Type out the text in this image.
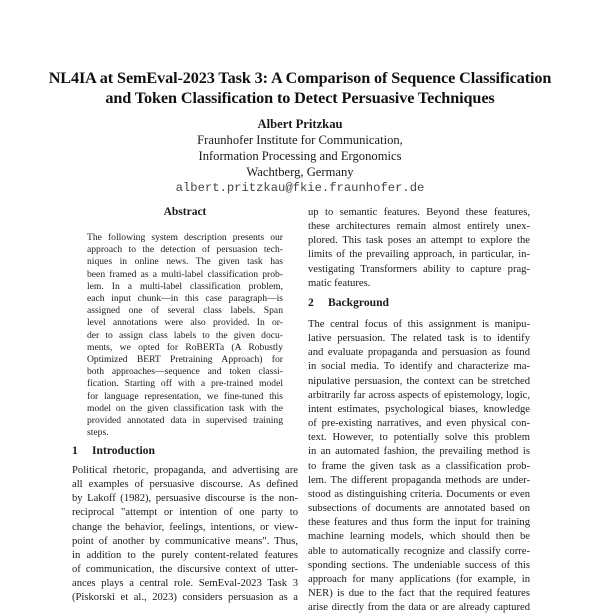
NL4IA at SemEval-2023 Task 3: A Comparison of Sequence Classification
and Token Classification to Detect Persuasive Techniques
Albert Pritzkau
Fraunhofer Institute for Communication,
Information Processing and Ergonomics
Wachtberg, Germany
albert.pritzkau@fkie.fraunhofer.de
Abstract
The following system description presents our
approach to the detection of persuasion tech-
niques in online news. The given task has
been framed as a multi-label classification prob-
lem. In a multi-label classification problem,
each input chunk—in this case paragraph—is
assigned one of several class labels. Span
level annotations were also provided. In or-
der to assign class labels to the given docu-
ments, we opted for RoBERTa (A Robustly
Optimized BERT Pretraining Approach) for
both approaches—sequence and token classi-
fication. Starting off with a pre-trained model
for language representation, we fine-tuned this
model on the given classification task with the
provided annotated data in supervised training
steps.
1 Introduction
Political rhetoric, propaganda, and advertising are
all examples of persuasive discourse. As defined
by Lakoff (1982), persuasive discourse is the non-
reciprocal "attempt or intention of one party to
change the behavior, feelings, intentions, or view-
point of another by communicative means". Thus,
in addition to the purely content-related features
of communication, the discursive context of utter-
ances plays a central role. SemEval-2023 Task 3
(Piskorski et al., 2023) considers persuasion as a
up to semantic features. Beyond these features,
these architectures remain almost entirely unex-
plored. This task poses an attempt to explore the
limits of the prevailing approach, in particular, in-
vestigating Transformers ability to capture prag-
matic features.
2 Background
The central focus of this assignment is manipu-
lative persuasion. The related task is to identify
and evaluate propaganda and persuasion as found
in social media. To identify and characterize ma-
nipulative persuasion, the context can be stretched
arbitrarily far across aspects of epistemology, logic,
intent estimates, psychological biases, knowledge
of pre-existing narratives, and even physical con-
text. However, to potentially solve this problem
in an automated fashion, the prevailing method is
to frame the given task as a classification prob-
lem. The different propaganda methods are under-
stood as distinguishing criteria. Documents or even
subsections of documents are annotated based on
these features and thus form the input for training
machine learning models, which should then be
able to automatically recognize and classify corre-
sponding sections. The undeniable success of this
approach for many applications (for example, in
NER) is due to the fact that the required features
arise directly from the data or are already captured
